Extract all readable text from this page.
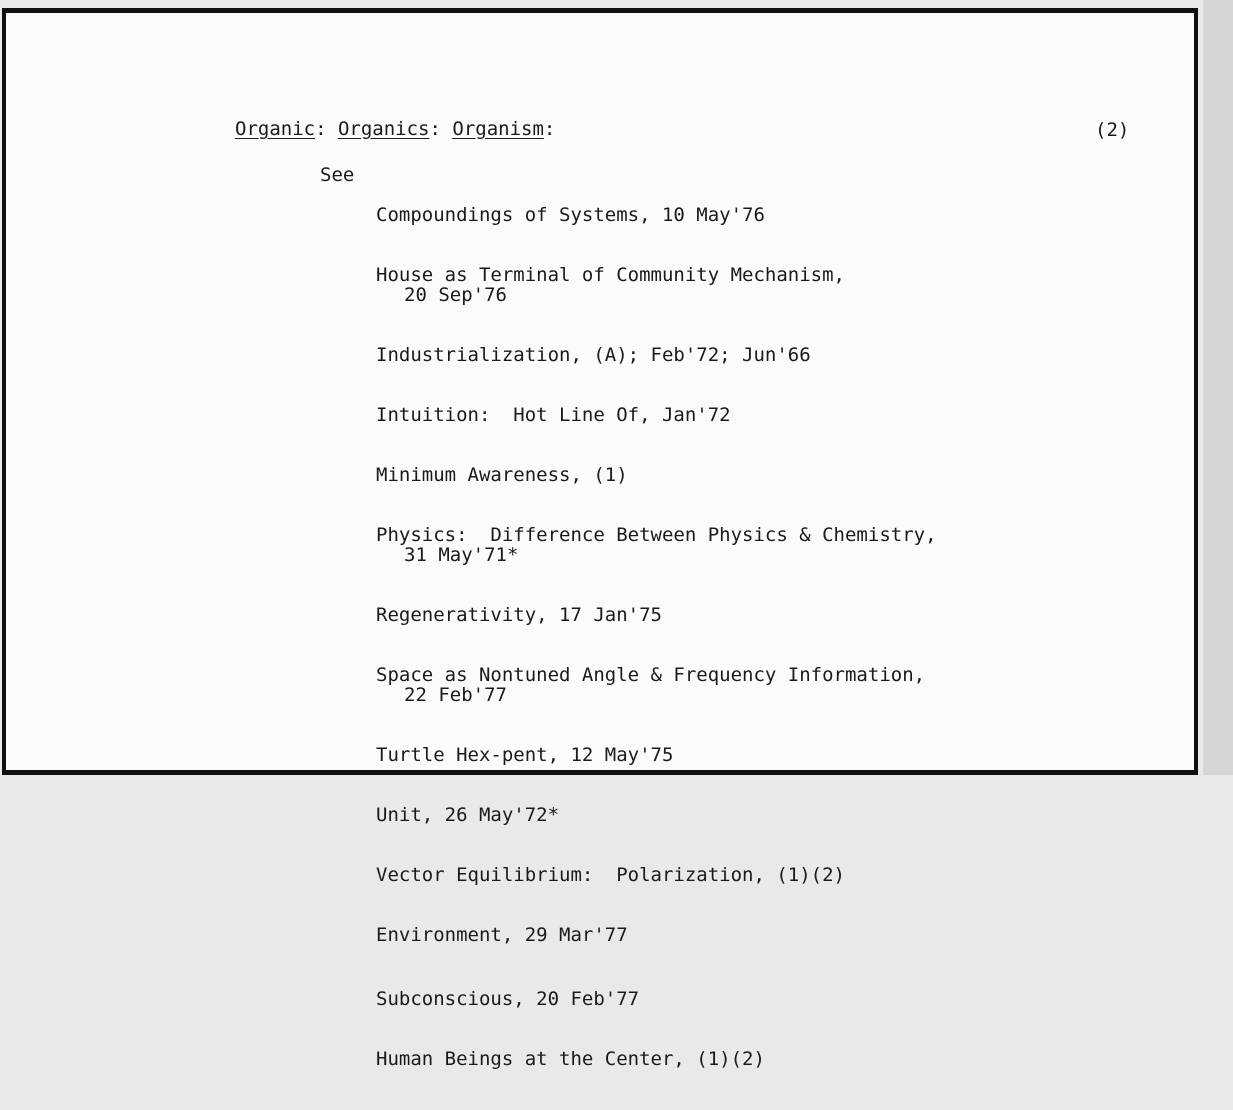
Organic: Organics: Organism:	(2)
See

Compoundings of Systems, 10 May'76

House as Terminal of Community Mechanism,
20 Sep'76

Industrialization, (A); Feb'72; Jun'66

Intuition:  Hot Line Of, Jan'72

Minimum Awareness, (1)

Physics:  Difference Between Physics & Chemistry,
31 May'71*

Regenerativity, 17 Jan'75

Space as Nontuned Angle & Frequency Information,
22 Feb'77

Turtle Hex-pent, 12 May'75

Unit, 26 May'72*

Vector Equilibrium:  Polarization, (1)(2)

Environment, 29 Mar'77

Subconscious, 20 Feb'77

Human Beings at the Center, (1)(2)
